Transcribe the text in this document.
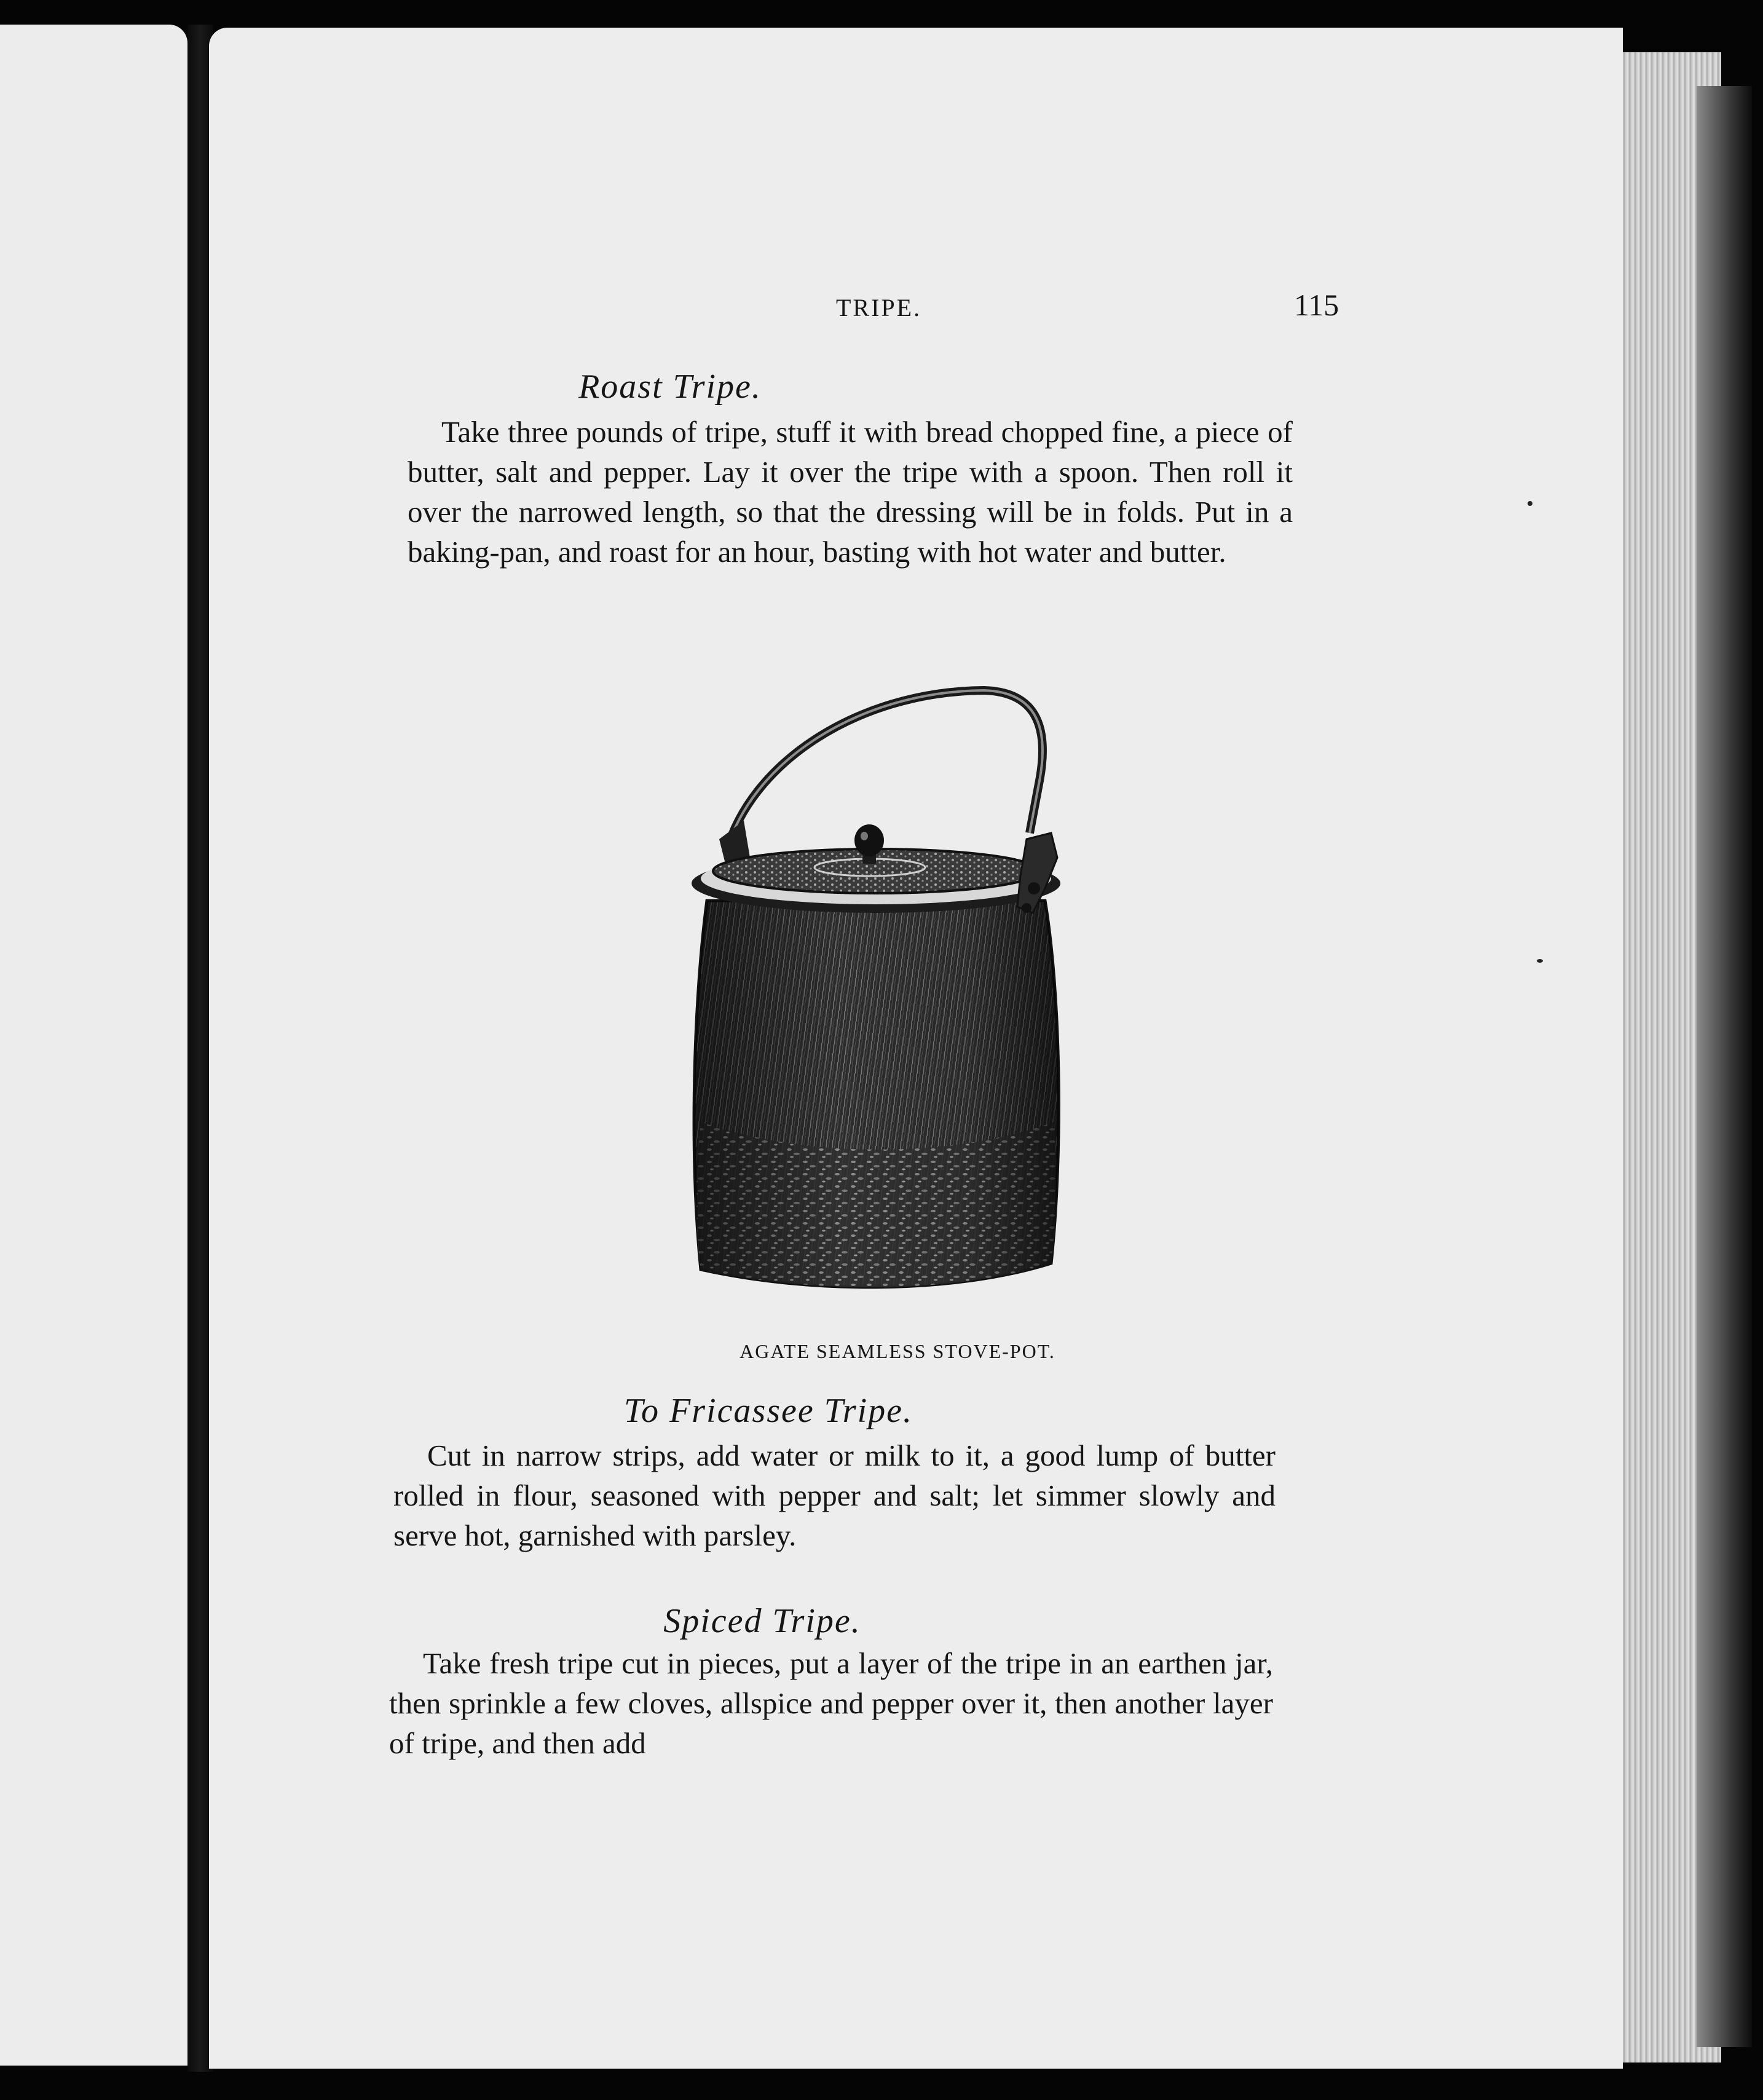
TRIPE.	115
Roast Tripe.

Take three pounds of tripe, stuff it with bread chopped fine, a piece of butter, salt and pepper. Lay it over the tripe with a spoon. Then roll it over the narrowed length, so that the dressing will be in folds. Put in a baking-pan, and roast for an hour, basting with hot water and butter.

AGATE SEAMLESS STOVE-POT.

To Fricassee Tripe.

Cut in narrow strips, add water or milk to it, a good lump of butter rolled in flour, seasoned with pepper and salt; let simmer slowly and serve hot, garnished with parsley.

Spiced Tripe.

Take fresh tripe cut in pieces, put a layer of the tripe in an earthen jar, then sprinkle a few cloves, allspice and pepper over it, then another layer of tripe, and then add
